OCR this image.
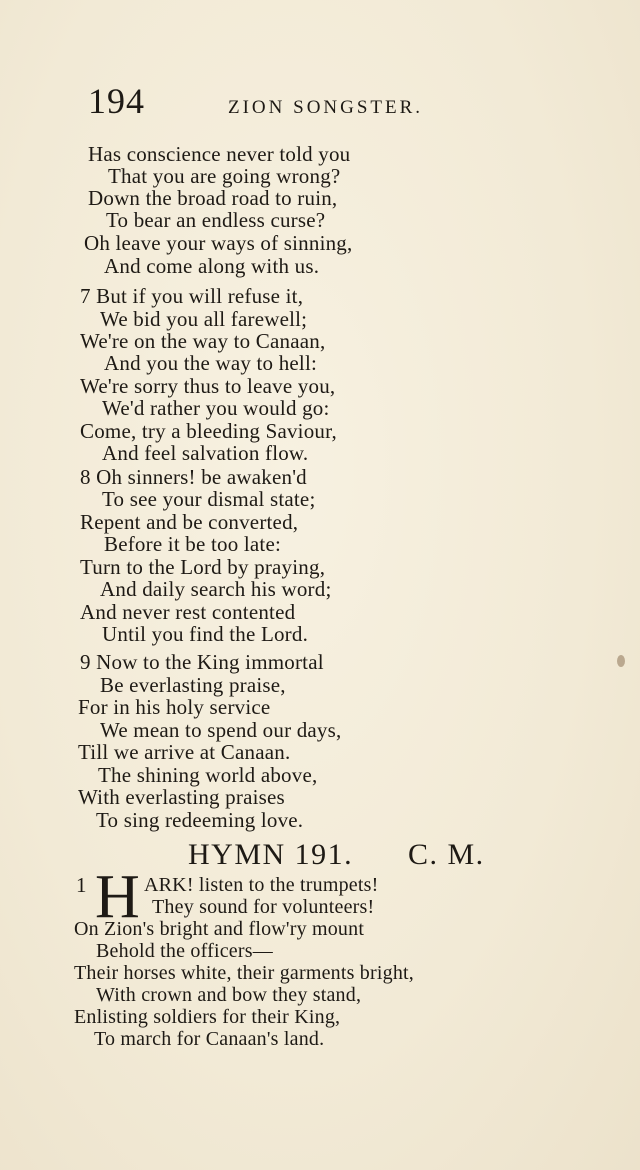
194	ZION SONGSTER.
Has conscience never told you
That you are going wrong?
Down the broad road to ruin,
To bear an endless curse?
Oh leave your ways of sinning,
And come along with us.
7 But if you will refuse it,
We bid you all farewell;
We're on the way to Canaan,
And you the way to hell:
We're sorry thus to leave you,
We'd rather you would go:
Come, try a bleeding Saviour,
And feel salvation flow.
8 Oh sinners! be awaken'd
To see your dismal state;
Repent and be converted,
Before it be too late:
Turn to the Lord by praying,
And daily search his word;
And never rest contented
Until you find the Lord.
9 Now to the King immortal
Be everlasting praise,
For in his holy service
We mean to spend our days,
Till we arrive at Canaan.
The shining world above,
With everlasting praises
To sing redeeming love.
HYMN 191. C. M.
1 H ARK! listen to the trumpets!
They sound for volunteers!
On Zion's bright and flow'ry mount
Behold the officers—
Their horses white, their garments bright,
With crown and bow they stand,
Enlisting soldiers for their King,
To march for Canaan's land.
